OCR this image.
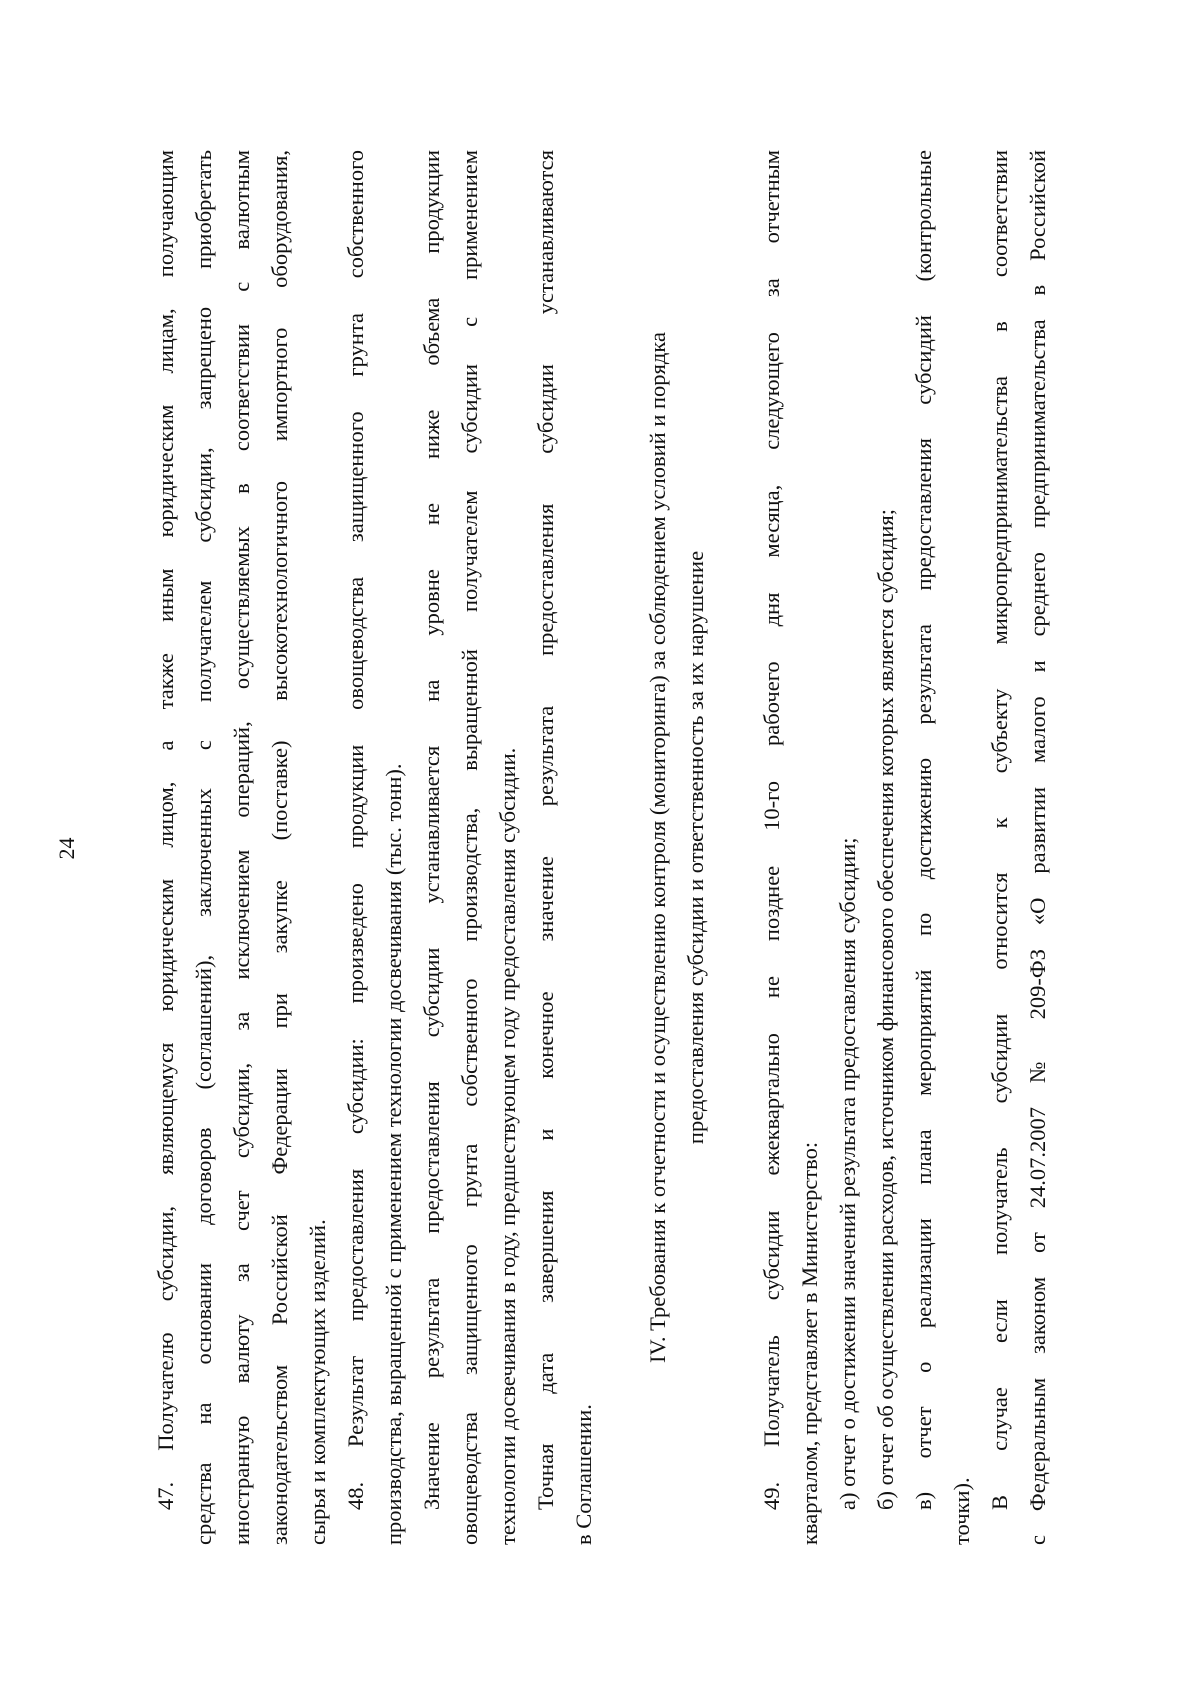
24	47. Получателю субсидии, являющемуся юридическим лицом, а также иным юридическим лицам, получающим средства на основании договоров (соглашений), заключенных с получателем субсидии, запрещено приобретать иностранную валюту за счет субсидии, за исключением операций, осуществляемых в соответствии с валютным законодательством Российской Федерации при закупке (поставке) высокотехнологичного импортного оборудования, сырья и комплектующих изделий. 48. Результат предоставления субсидии: произведено продукции овощеводства защищенного грунта собственного производства, выращенной с применением технологии досвечивания (тыс. тонн). Значение результата предоставления субсидии устанавливается на уровне не ниже объема продукции овощеводства защищенного грунта собственного производства, выращенной получателем субсидии с применением технологии досвечивания в году, предшествующем году предоставления субсидии. Точная дата завершения и конечное значение результата предоставления субсидии устанавливаются в Соглашении.

IV. Требования к отчетности и осуществлению контроля (мониторинга) за соблюдением условий и порядка предоставления субсидии и ответственность за их нарушение	49. Получатель субсидии ежеквартально не позднее 10-го рабочего дня месяца, следующего за отчетным кварталом, представляет в Министерство: а) отчет о достижении значений результата предоставления субсидии; б) отчет об осуществлении расходов, источником финансового обеспечения которых является субсидия; в) отчет о реализации плана мероприятий по достижению результата предоставления субсидий (контрольные
точки).

В случае если получатель субсидии относится к субъекту микропредпринимательства в соответствии с Федеральным законом от 24.07.2007 № 209-ФЗ «О развитии малого и среднего предпринимательства в Российской
